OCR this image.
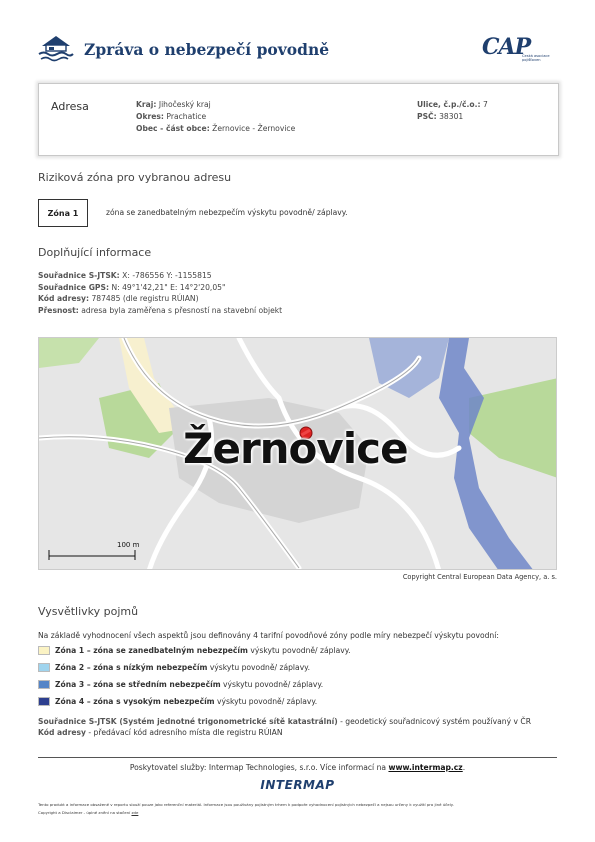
Zpráva o nebezpečí povodně	CAP
Česká asociace pojišťoven
Adresa	Kraj: Jihočeský kraj
Okres: Prachatice
Obec - část obce: Žernovice - Žernovice
Ulice, č.p./č.o.: 7
PSČ: 38301
Riziková zóna pro vybranou adresu
Zóna 1	zóna se zanedbatelným nebezpečím výskytu povodně/ záplavy.
Doplňující informace
Souřadnice S-JTSK: X: -786556 Y: -1155815
Souřadnice GPS: N: 49°1'42,21" E: 14°2'20,05"
Kód adresy: 787485 (dle registru RÚIAN)
Přesnost: adresa byla zaměřena s přesností na stavební objekt
Žernovice
100 m
Copyright Central European Data Agency, a. s.
Vysvětlivky pojmů
Na základě vyhodnocení všech aspektů jsou definovány 4 tarifní povodňové zóny podle míry nebezpečí výskytu povodní:
Zóna 1 – zóna se zanedbatelným nebezpečím
výskytu povodně/ záplavy.
Zóna 2 – zóna s nízkým nebezpečím
výskytu povodně/ záplavy.
Zóna 3 – zóna se středním nebezpečím
výskytu povodně/ záplavy.
Zóna 4 – zóna s vysokým nebezpečím
výskytu povodně/ záplavy.
Souřadnice S-JTSK (Systém jednotné trigonometrické sítě katastrální) - geodetický souřadnicový systém používaný v ČR
Kód adresy - předávací kód adresního místa dle registru RÚIAN
Poskytovatel služby: Intermap Technologies, s.r.o. Více informací na www.intermap.cz.
INTERMAP
Tento produkt a informace obsažené v reportu slouží pouze jako referenční materiál. Informace jsou používány pojistným trhem k podpoře vyhodnocení pojistných nebezpečí a nejsou určeny k využití pro jiné účely.
Copyright a Disclaimer - úplné znění na stačení zde
